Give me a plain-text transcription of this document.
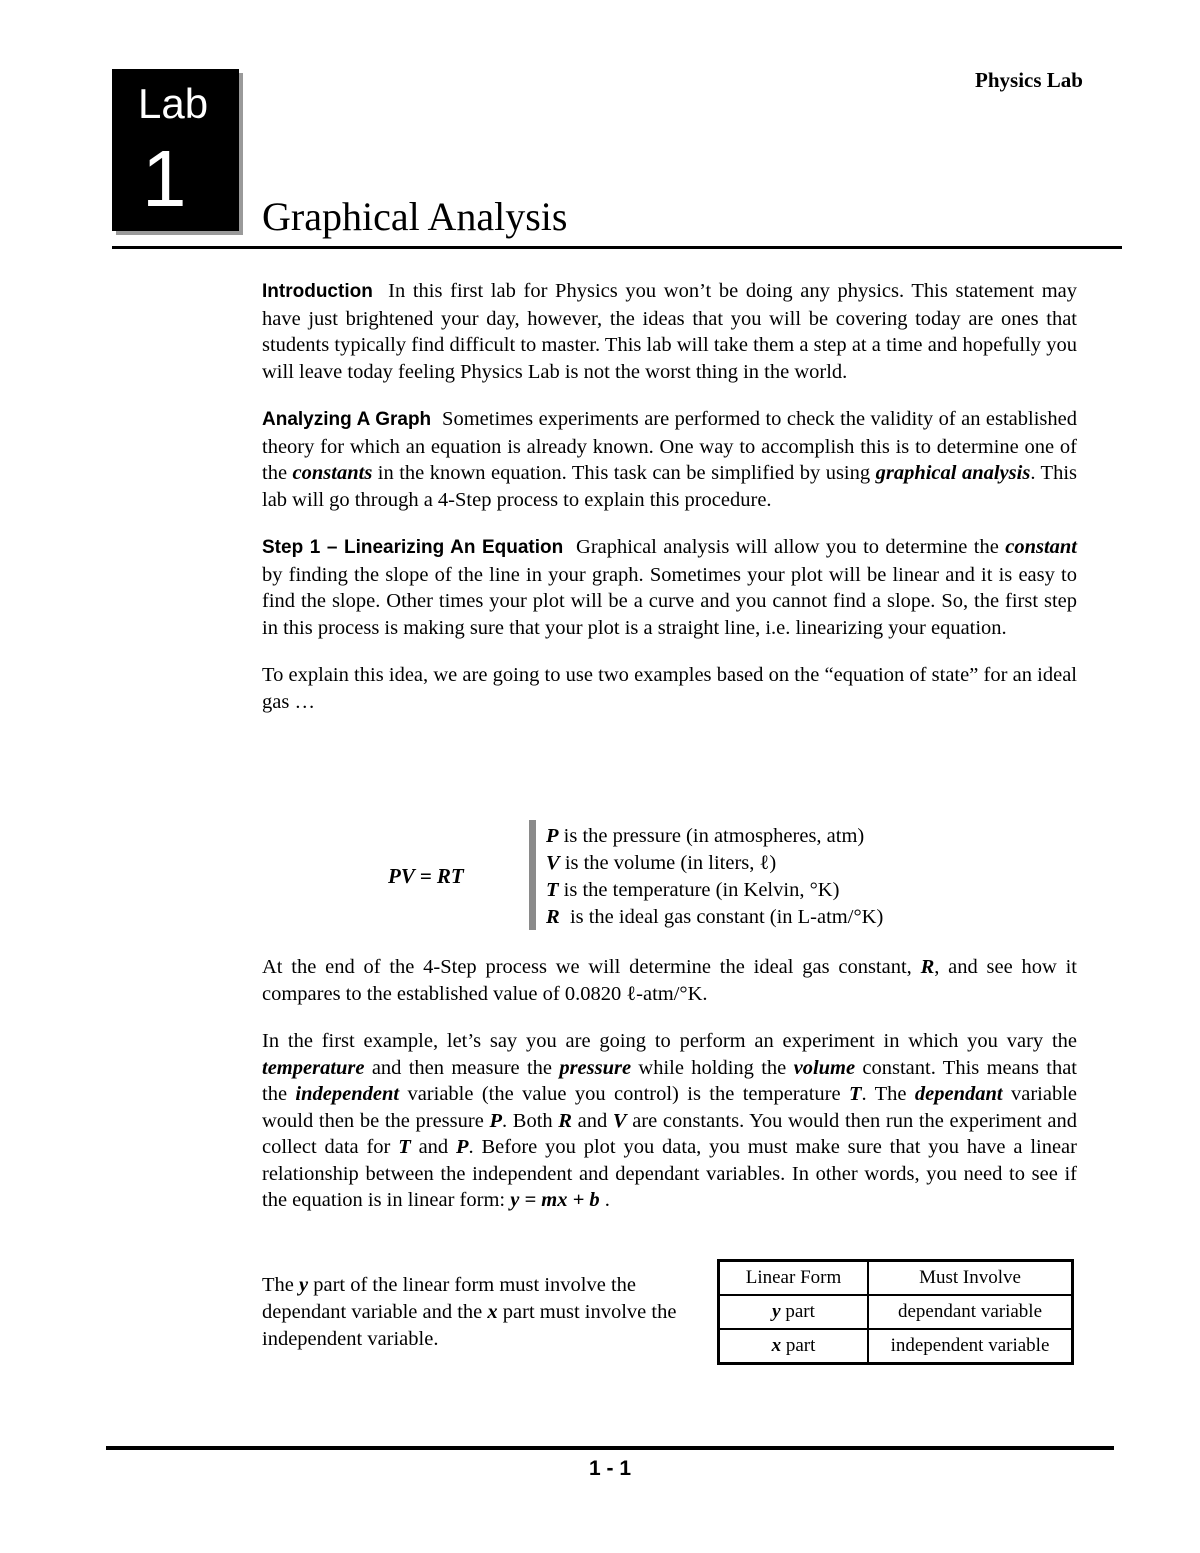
Lab
1
Physics Lab
Graphical Analysis

Introduction In this first lab for Physics you won’t be doing any physics. This statement may have just brightened your day, however, the ideas that you will be covering today are ones that students typically find difficult to master. This lab will take them a step at a time and hopefully you will leave today feeling Physics Lab is not the worst thing in the world.

Analyzing A Graph Sometimes experiments are performed to check the validity of an established theory for which an equation is already known. One way to accomplish this is to determine one of the constants in the known equation. This task can be simplified by using graphical analysis. This lab will go through a 4-Step process to explain this procedure.

Step 1 – Linearizing An Equation Graphical analysis will allow you to determine the constant by finding the slope of the line in your graph. Sometimes your plot will be linear and it is easy to find the slope. Other times your plot will be a curve and you cannot find a slope. So, the first step in this process is making sure that your plot is a straight line, i.e. linearizing your equation.

To explain this idea, we are going to use two examples based on the “equation of state” for an ideal gas …

PV = RT
P is the pressure (in atmospheres, atm)
V is the volume (in liters, ℓ)
T is the temperature (in Kelvin, °K)
R  is the ideal gas constant (in L-atm/°K)

At the end of the 4-Step process we will determine the ideal gas constant, R, and see how it compares to the established value of 0.0820 ℓ-atm/°K.

In the first example, let’s say you are going to perform an experiment in which you vary the temperature and then measure the pressure while holding the volume constant. This means that the independent variable (the value you control) is the temperature T. The dependant variable would then be the pressure P. Both R and V are constants. You would then run the experiment and collect data for T and P. Before you plot you data, you must make sure that you have a linear relationship between the independent and dependant variables. In other words, you need to see if the equation is in linear form: y = mx + b .

The y part of the linear form must involve the dependant variable and the x part must involve the independent variable.
Linear Form	Must Involve
y part	dependant variable
x part	independent variable
1 - 1
